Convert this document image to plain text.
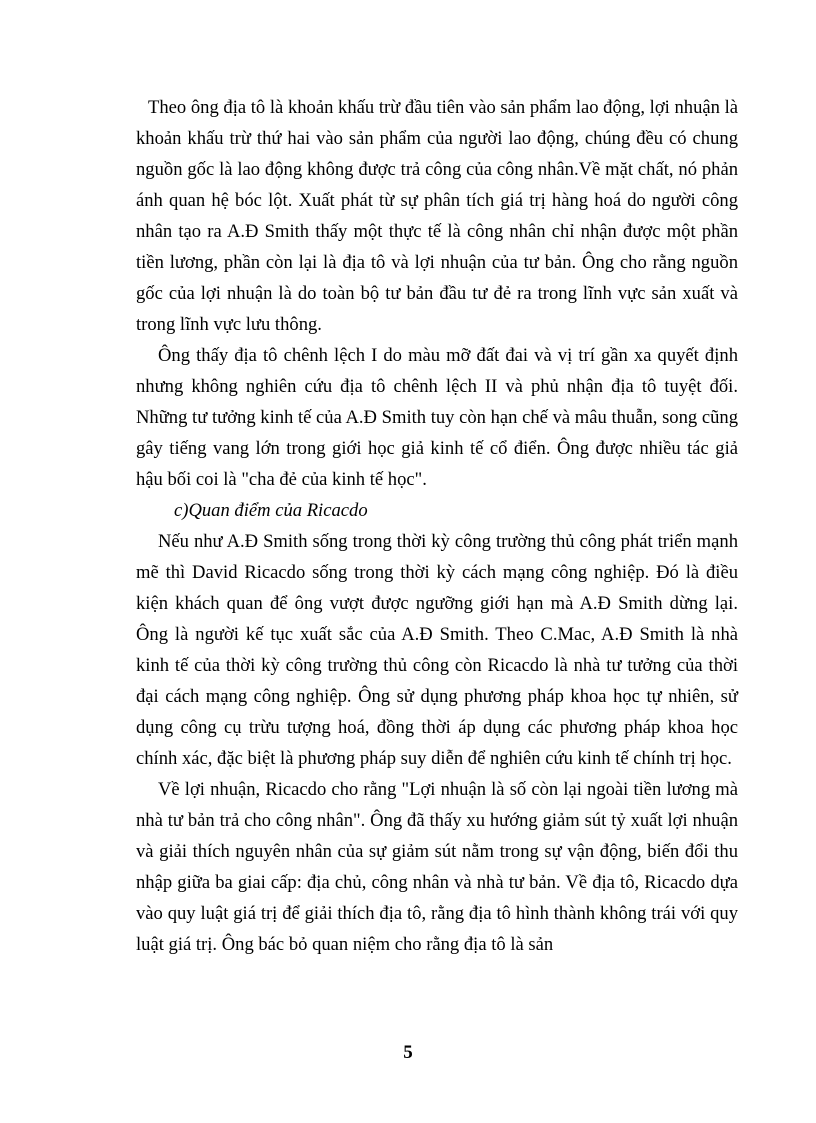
Theo ông địa tô là khoản khấu trừ đầu tiên vào sản phẩm lao động, lợi nhuận là khoản khấu trừ thứ hai vào sản phẩm của người lao động, chúng đều có chung nguồn gốc là lao động không được trả công của công nhân.Về mặt chất, nó phản ánh quan hệ bóc lột. Xuất phát từ sự phân tích giá trị hàng hoá do người công nhân tạo ra A.Đ Smith thấy một thực tế là công nhân chỉ nhận được một phần tiền lương, phần còn lại là địa tô và lợi nhuận của tư bản. Ông cho rằng nguồn gốc của lợi nhuận là do toàn bộ tư bản đầu tư đẻ ra trong lĩnh vực sản xuất và trong lĩnh vực lưu thông.

Ông thấy địa tô chênh lệch I do màu mỡ đất đai và vị trí gần xa quyết định nhưng không nghiên cứu địa tô chênh lệch II và phủ nhận địa tô tuyệt đối. Những tư tưởng kinh tế của A.Đ Smith tuy còn hạn chế và mâu thuẫn, song cũng gây tiếng vang lớn trong giới học giả kinh tế cổ điển. Ông được nhiều tác giả hậu bối coi là "cha đẻ của kinh tế học".

c)Quan điểm của Ricacdo

Nếu như A.Đ Smith sống trong thời kỳ công trường thủ công phát triển mạnh mẽ thì David Ricacdo sống trong thời kỳ cách mạng công nghiệp. Đó là điều kiện khách quan để ông vượt được ngưỡng giới hạn mà A.Đ Smith dừng lại. Ông là người kế tục xuất sắc của A.Đ Smith. Theo C.Mac, A.Đ Smith là nhà kinh tế của thời kỳ công trường thủ công còn Ricacdo là nhà tư tưởng của thời đại cách mạng công nghiệp. Ông sử dụng phương pháp khoa học tự nhiên, sử dụng công cụ trừu tượng hoá, đồng thời áp dụng các phương pháp khoa học chính xác, đặc biệt là phương pháp suy diễn để nghiên cứu kinh tế chính trị học.

Về lợi nhuận, Ricacdo cho rằng "Lợi nhuận là số còn lại ngoài tiền lương mà nhà tư bản trả cho công nhân". Ông đã thấy xu hướng giảm sút tỷ xuất lợi nhuận và giải thích nguyên nhân của sự giảm sút nằm trong sự vận động, biến đổi thu nhập giữa ba giai cấp: địa chủ, công nhân và nhà tư bản. Về địa tô, Ricacdo dựa vào quy luật giá trị để giải thích địa tô, rằng địa tô hình thành không trái với quy luật giá trị. Ông bác bỏ quan niệm cho rằng địa tô là sản

5
